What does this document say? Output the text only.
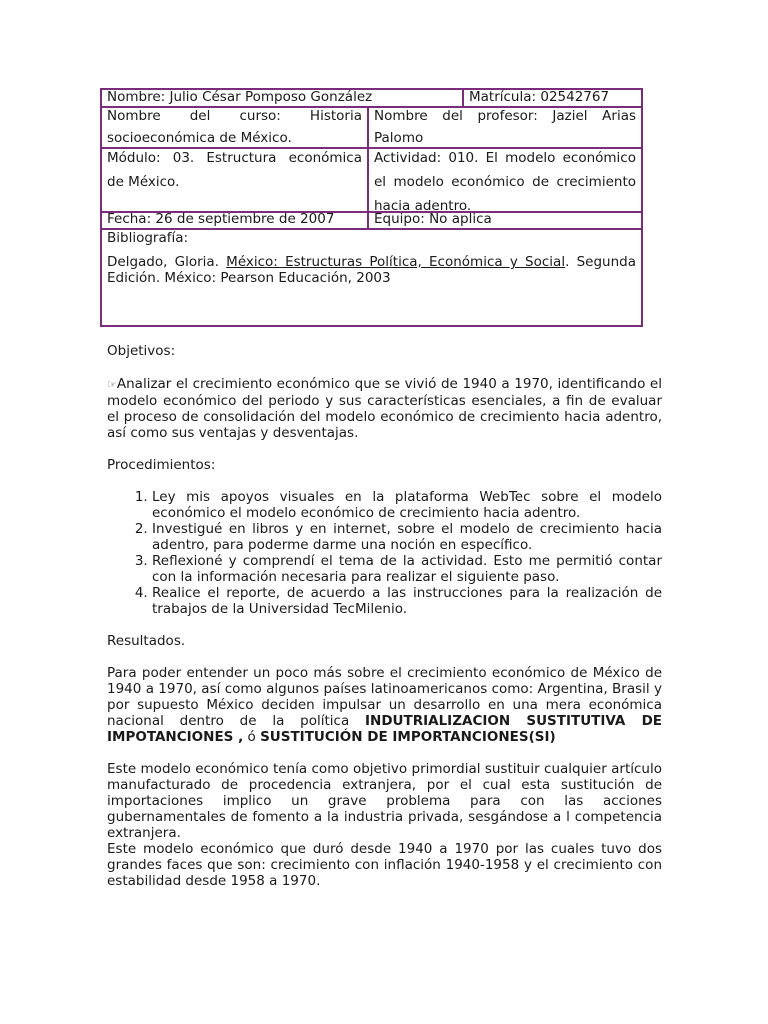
Nombre: Julio César Pomposo González	Matrícula: 02542767
Nombre del curso: Historia
socioeconómica de México.
Nombre del profesor: Jaziel Arias
Palomo
Módulo: 03. Estructura económica
de México.
Actividad: 010. El modelo económico
el modelo económico de crecimiento
hacia adentro.
Fecha: 26 de septiembre de 2007	Equipo: No aplica
Bibliografía:
Delgado, Gloria. México: Estructuras Política, Económica y Social. Segunda
Edición. México: Pearson Educación, 2003
Objetivos:
☞Analizar el crecimiento económico que se vivió de 1940 a 1970, identificando el modelo económico del periodo y sus características esenciales, a fin de evaluar el proceso de consolidación del modelo económico de crecimiento hacia adentro, así como sus ventajas y desventajas.
Procedimientos:
1. Ley mis apoyos visuales en la plataforma WebTec sobre el modelo económico el modelo económico de crecimiento hacia adentro.
2. Investigué en libros y en internet, sobre el modelo de crecimiento hacia adentro, para poderme darme una noción en específico.
3. Reflexioné y comprendí el tema de la actividad. Esto me permitió contar con la información necesaria para realizar el siguiente paso.
4. Realice el reporte, de acuerdo a las instrucciones para la realización de trabajos de la Universidad TecMilenio.
Resultados.
Para poder entender un poco más sobre el crecimiento económico de México de 1940 a 1970, así como algunos países latinoamericanos como: Argentina, Brasil y por supuesto México deciden impulsar un desarrollo en una mera económica nacional dentro de la política INDUTRIALIZACION SUSTITUTIVA DE IMPOTANCIONES , ó SUSTITUCIÓN DE IMPORTANCIONES(SI)
Este modelo económico tenía como objetivo primordial sustituir cualquier artículo manufacturado de procedencia extranjera, por el cual esta sustitución de importaciones implico un grave problema para con las acciones gubernamentales de fomento a la industria privada, sesgándose a l competencia extranjera.
Este modelo económico que duró desde 1940 a 1970 por las cuales tuvo dos grandes faces que son: crecimiento con inflación 1940-1958 y el crecimiento con estabilidad desde 1958 a 1970.
